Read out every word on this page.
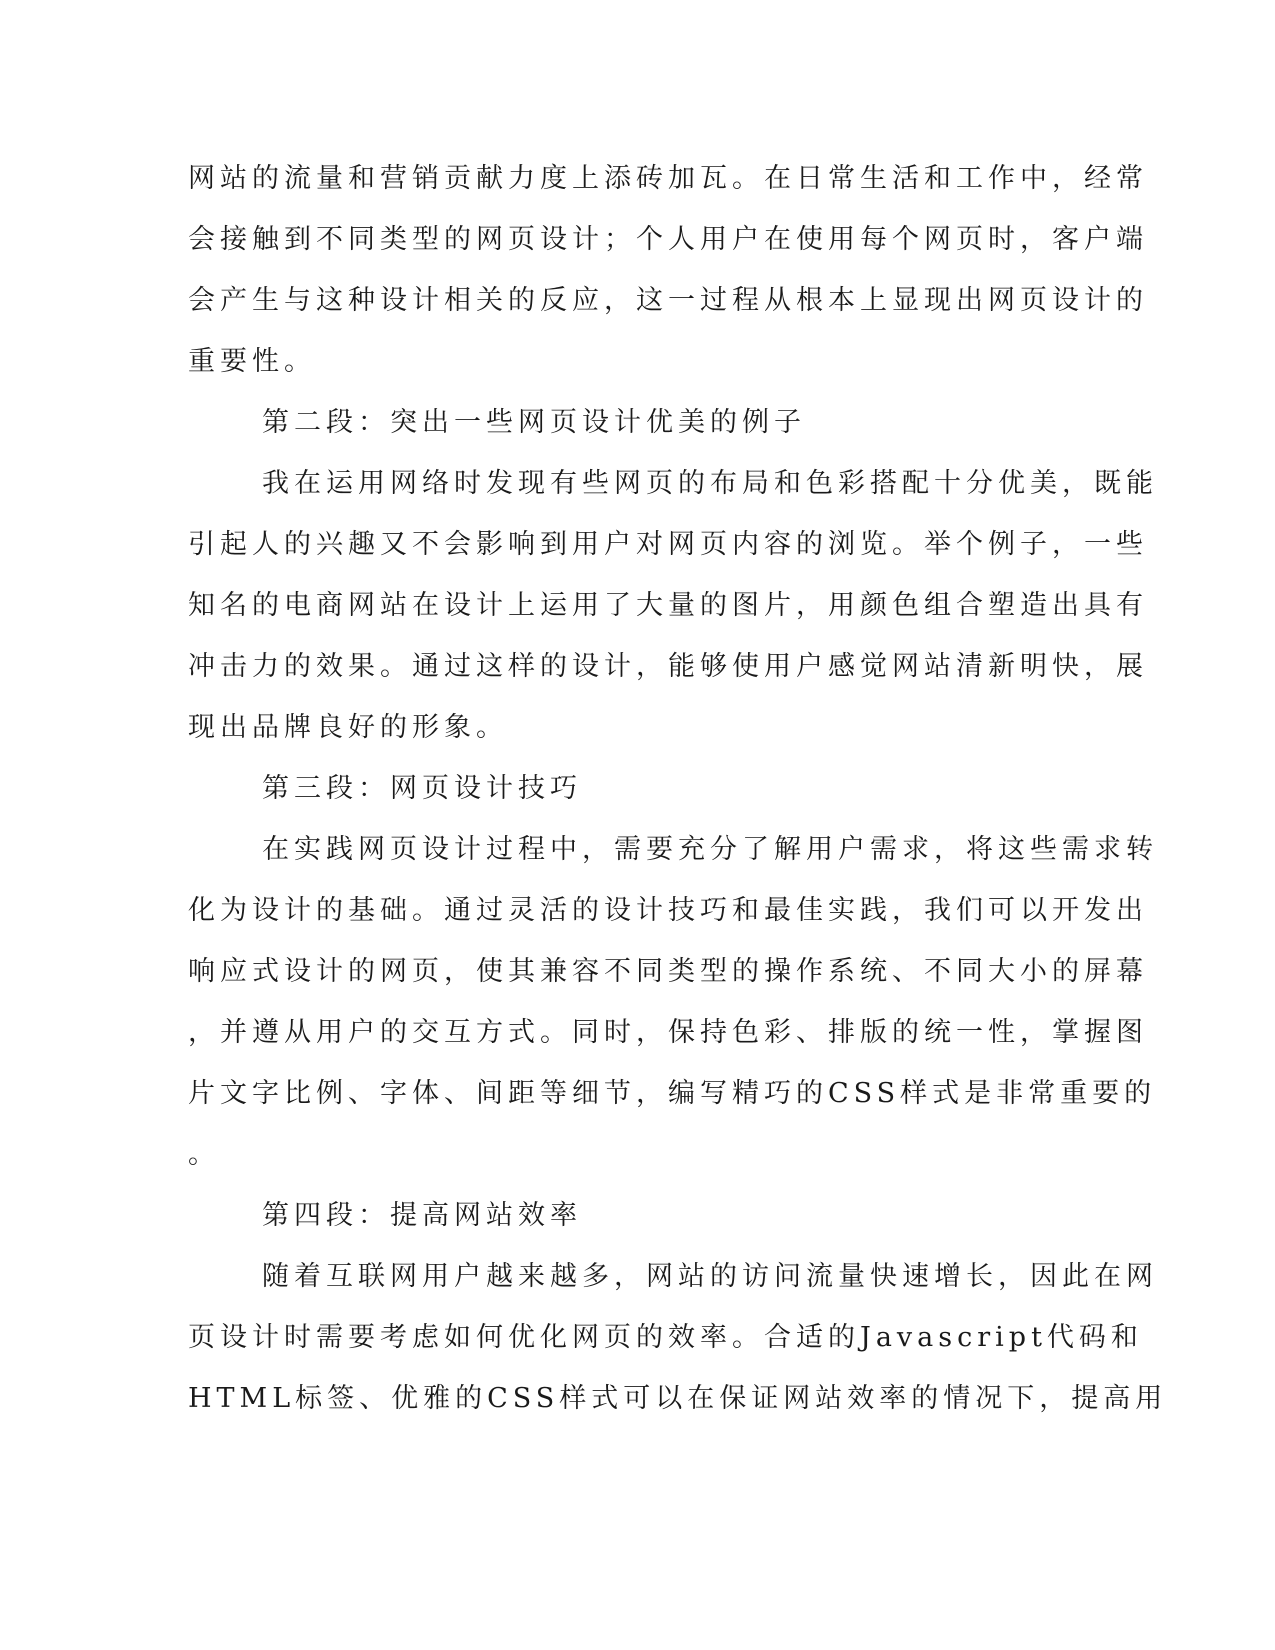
网站的流量和营销贡献力度上添砖加瓦。在日常生活和工作中，经常
会接触到不同类型的网页设计；个人用户在使用每个网页时，客户端
会产生与这种设计相关的反应，这一过程从根本上显现出网页设计的
重要性。
第二段：突出一些网页设计优美的例子
我在运用网络时发现有些网页的布局和色彩搭配十分优美，既能
引起人的兴趣又不会影响到用户对网页内容的浏览。举个例子，一些
知名的电商网站在设计上运用了大量的图片，用颜色组合塑造出具有
冲击力的效果。通过这样的设计，能够使用户感觉网站清新明快，展
现出品牌良好的形象。
第三段：网页设计技巧
在实践网页设计过程中，需要充分了解用户需求，将这些需求转
化为设计的基础。通过灵活的设计技巧和最佳实践，我们可以开发出
响应式设计的网页，使其兼容不同类型的操作系统、不同大小的屏幕
，并遵从用户的交互方式。同时，保持色彩、排版的统一性，掌握图
片文字比例、字体、间距等细节，编写精巧的CSS样式是非常重要的
。
第四段：提高网站效率
随着互联网用户越来越多，网站的访问流量快速增长，因此在网
页设计时需要考虑如何优化网页的效率。合适的Javascript代码和
HTML标签、优雅的CSS样式可以在保证网站效率的情况下，提高用
